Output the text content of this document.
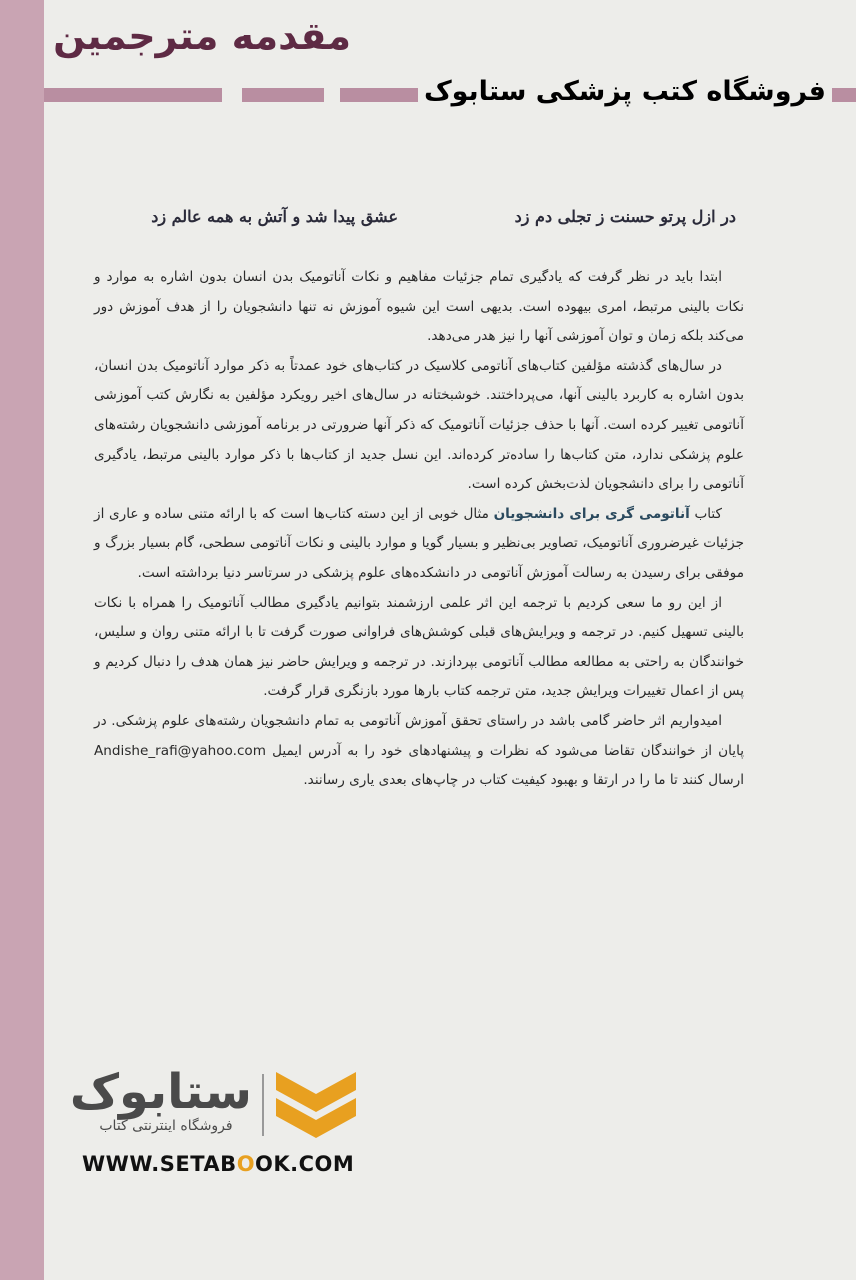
مقدمه مترجمین
فروشگاه کتب پزشکی ستابوک
در ازل پرتو حسنت ز تجلی دم زد
عشق پیدا شد و آتش به همه عالم زد

ابتدا باید در نظر گرفت که یادگیری تمام جزئیات مفاهیم و نکات آناتومیک بدن انسان بدون اشاره به موارد و نکات بالینی مرتبط، امری بیهوده است. بدیهی است این شیوه آموزش نه تنها دانشجویان را از هدف آموزش دور می‌کند بلکه زمان و توان آموزشی آنها را نیز هدر می‌دهد.

در سال‌های گذشته مؤلفین کتاب‌های آناتومی کلاسیک در کتاب‌های خود عمدتاً به ذکر موارد آناتومیک بدن انسان، بدون اشاره به کاربرد بالینی آنها، می‌پرداختند. خوشبختانه در سال‌های اخیر رویکرد مؤلفین به نگارش کتب آموزشی آناتومی تغییر کرده است. آنها با حذف جزئیات آناتومیک که ذکر آنها ضرورتی در برنامه آموزشی دانشجویان رشته‌های علوم پزشکی ندارد، متن کتاب‌ها را ساده‌تر کرده‌اند. این نسل جدید از کتاب‌ها با ذکر موارد بالینی مرتبط، یادگیری آناتومی را برای دانشجویان لذت‌بخش کرده است.

کتاب آناتومی گری برای دانشجویان مثال خوبی از این دسته کتاب‌ها است که با ارائه متنی ساده و عاری از جزئیات غیرضروری آناتومیک، تصاویر بی‌نظیر و بسیار گویا و موارد بالینی و نکات آناتومی سطحی، گام بسیار بزرگ و موفقی برای رسیدن به رسالت آموزش آناتومی در دانشکده‌های علوم پزشکی در سرتاسر دنیا برداشته است.

از این رو ما سعی کردیم با ترجمه این اثر علمی ارزشمند بتوانیم یادگیری مطالب آناتومیک را همراه با نکات بالینی تسهیل کنیم. در ترجمه و ویرایش‌های قبلی کوشش‌های فراوانی صورت گرفت تا با ارائه متنی روان و سلیس، خوانندگان به راحتی به مطالعه مطالب آناتومی بپردازند. در ترجمه و ویرایش حاضر نیز همان هدف را دنبال کردیم و پس از اعمال تغییرات ویرایش جدید، متن ترجمه کتاب بارها مورد بازنگری قرار گرفت.

امیدواریم اثر حاضر گامی باشد در راستای تحقق آموزش آناتومی به تمام دانشجویان رشته‌های علوم پزشکی. در پایان از خوانندگان تقاضا می‌شود که نظرات و پیشنهادهای خود را به آدرس ایمیل Andishe_rafi@yahoo.com ارسال کنند تا ما را در ارتقا و بهبود کیفیت کتاب در چاپ‌های بعدی یاری رسانند.

ستابوک
فروشگاه اینترنتی کتاب
WWW.SETABOOK.COM
